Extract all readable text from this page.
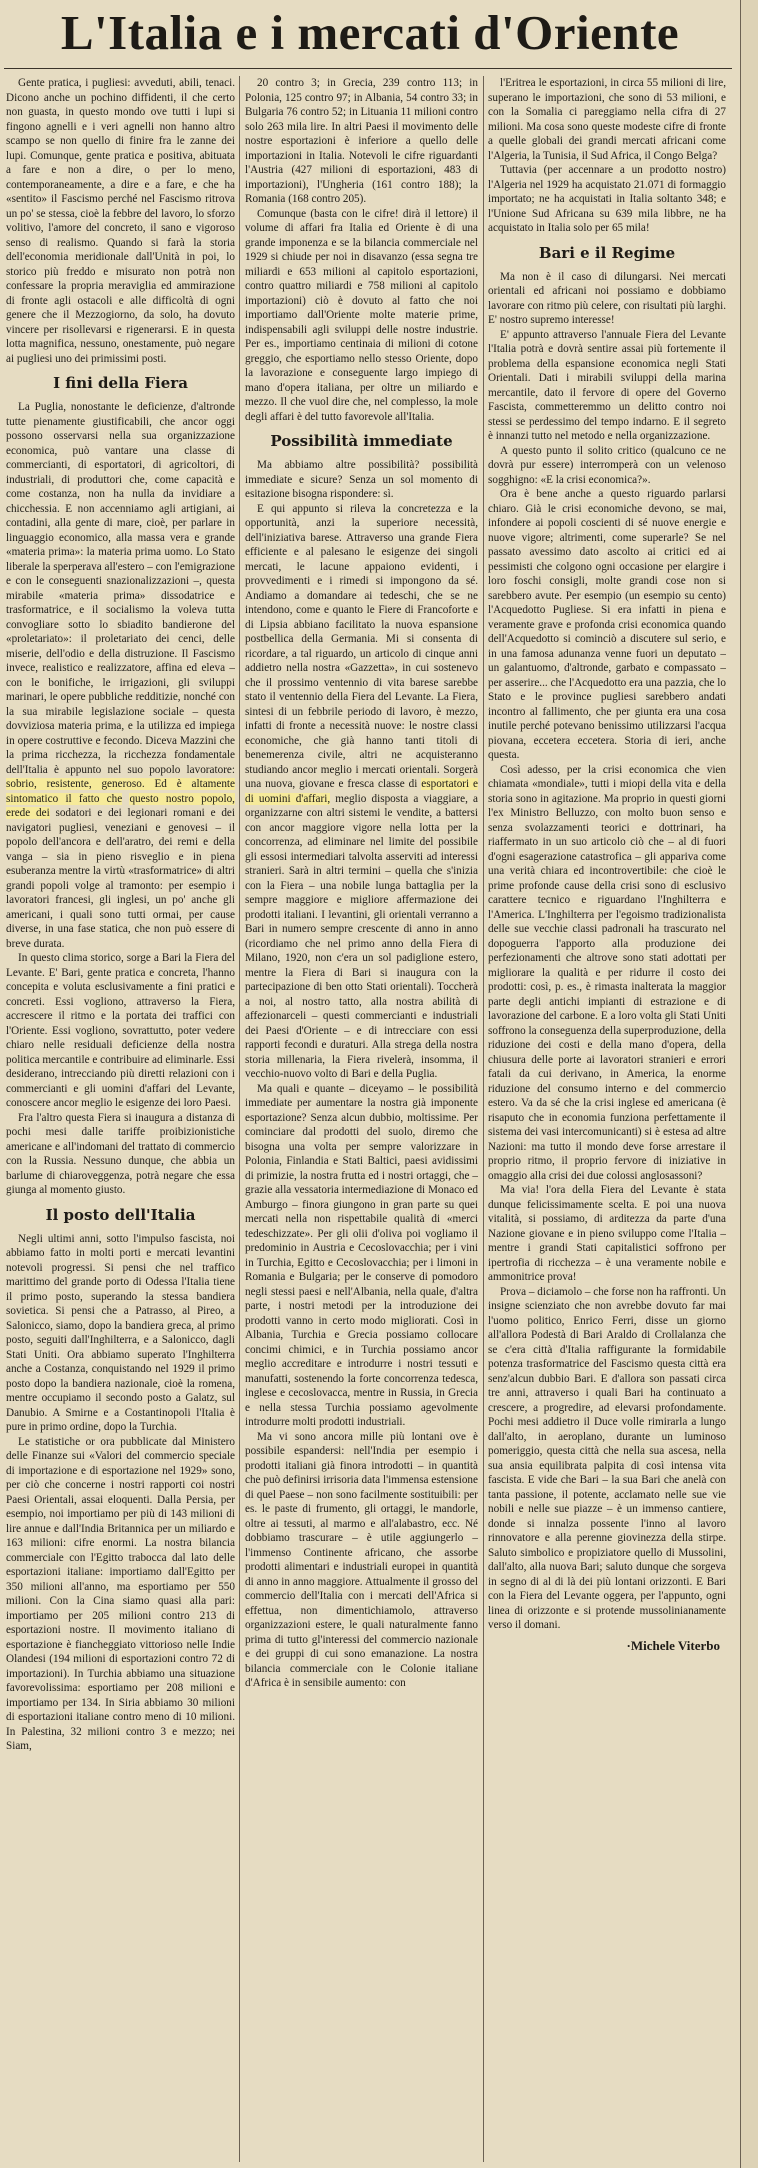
L'Italia e i mercati d'Oriente

Gente pratica, i pugliesi: avveduti, abili, tenaci. Dicono anche un pochino diffidenti, il che certo non guasta, in questo mondo ove tutti i lupi si fingono agnelli e i veri agnelli non hanno altro scampo se non quello di finire fra le zanne dei lupi. Comunque, gente pratica e positiva, abituata a fare e non a dire, o per lo meno, contemporaneamente, a dire e a fare, e che ha «sentito» il Fascismo perché nel Fascismo ritrova un po' se stessa, cioè la febbre del lavoro, lo sforzo volitivo, l'amore del concreto, il sano e vigoroso senso di realismo. Quando si farà la storia dell'economia meridionale dall'Unità in poi, lo storico più freddo e misurato non potrà non confessare la propria meraviglia ed ammirazione di fronte agli ostacoli e alle difficoltà di ogni genere che il Mezzogiorno, da solo, ha dovuto vincere per risollevarsi e rigenerarsi. E in questa lotta magnifica, nessuno, onestamente, può negare ai pugliesi uno dei primissimi posti.

I fini della Fiera

La Puglia, nonostante le deficienze, d'altronde tutte pienamente giustificabili, che ancor oggi possono osservarsi nella sua organizzazione economica, può vantare una classe di commercianti, di esportatori, di agricoltori, di industriali, di produttori che, come capacità e come costanza, non ha nulla da invidiare a chicchessia. E non accenniamo agli artigiani, ai contadini, alla gente di mare, cioè, per parlare in linguaggio economico, alla massa vera e grande «materia prima»: la materia prima uomo. Lo Stato liberale la sperperava all'estero – con l'emigrazione e con le conseguenti snazionalizzazioni –, questa mirabile «materia prima» dissodatrice e trasformatrice, e il socialismo la voleva tutta convogliare sotto lo sbiadito bandierone del «proletariato»: il proletariato dei cenci, delle miserie, dell'odio e della distruzione. Il Fascismo invece, realistico e realizzatore, affina ed eleva – con le bonifiche, le irrigazioni, gli sviluppi marinari, le opere pubbliche redditizie, nonché con la sua mirabile legislazione sociale – questa dovviziosa materia prima, e la utilizza ed impiega in opere costruttive e fecondo. Diceva Mazzini che la prima ricchezza, la ricchezza fondamentale dell'Italia è appunto nel suo popolo lavoratore: sobrio, resistente, generoso. Ed è altamente sintomatico il fatto che questo nostro popolo, erede dei sodatori e dei legionari romani e dei navigatori pugliesi, veneziani e genovesi – il popolo dell'ancora e dell'aratro, dei remi e della vanga – sia in pieno risveglio e in piena esuberanza mentre la virtù «trasformatrice» di altri grandi popoli volge al tramonto: per esempio i lavoratori francesi, gli inglesi, un po' anche gli americani, i quali sono tutti ormai, per cause diverse, in una fase statica, che non può essere di breve durata.

In questo clima storico, sorge a Bari la Fiera del Levante. E' Bari, gente pratica e concreta, l'hanno concepita e voluta esclusivamente a fini pratici e concreti. Essi vogliono, attraverso la Fiera, accrescere il ritmo e la portata dei traffici con l'Oriente. Essi vogliono, sovrattutto, poter vedere chiaro nelle residuali deficienze della nostra politica mercantile e contribuire ad eliminarle. Essi desiderano, intrecciando più diretti relazioni con i commercianti e gli uomini d'affari del Levante, conoscere ancor meglio le esigenze dei loro Paesi.

Fra l'altro questa Fiera si inaugura a distanza di pochi mesi dalle tariffe proibizionistiche americane e all'indomani del trattato di commercio con la Russia. Nessuno dunque, che abbia un barlume di chiaroveggenza, potrà negare che essa giunga al momento giusto.

Il posto dell'Italia

Negli ultimi anni, sotto l'impulso fascista, noi abbiamo fatto in molti porti e mercati levantini notevoli progressi. Si pensi che nel traffico marittimo del grande porto di Odessa l'Italia tiene il primo posto, superando la stessa bandiera sovietica. Si pensi che a Patrasso, al Pireo, a Salonicco, siamo, dopo la bandiera greca, al primo posto, seguiti dall'Inghilterra, e a Salonicco, dagli Stati Uniti. Ora abbiamo superato l'Inghilterra anche a Costanza, conquistando nel 1929 il primo posto dopo la bandiera nazionale, cioè la romena, mentre occupiamo il secondo posto a Galatz, sul Danubio. A Smirne e a Costantinopoli l'Italia è pure in primo ordine, dopo la Turchia.

Le statistiche or ora pubblicate dal Ministero delle Finanze sui «Valori del commercio speciale di importazione e di esportazione nel 1929» sono, per ciò che concerne i nostri rapporti coi nostri Paesi Orientali, assai eloquenti. Dalla Persia, per esempio, noi importiamo per più di 143 milioni di lire annue e dall'India Britannica per un miliardo e 163 milioni: cifre enormi. La nostra bilancia commerciale con l'Egitto trabocca dal lato delle esportazioni italiane: importiamo dall'Egitto per 350 milioni all'anno, ma esportiamo per 550 milioni. Con la Cina siamo quasi alla pari: importiamo per 205 milioni contro 213 di esportazioni nostre. Il movimento italiano di esportazione è fiancheggiato vittorioso nelle Indie Olandesi (194 milioni di esportazioni contro 72 di importazioni). In Turchia abbiamo una situazione favorevolissima: esportiamo per 208 milioni e importiamo per 134. In Siria abbiamo 30 milioni di esportazioni italiane contro meno di 10 milioni. In Palestina, 32 milioni contro 3 e mezzo; nei Siam,

20 contro 3; in Grecia, 239 contro 113; in Polonia, 125 contro 97; in Albania, 54 contro 33; in Bulgaria 76 contro 52; in Lituania 11 milioni contro solo 263 mila lire. In altri Paesi il movimento delle nostre esportazioni è inferiore a quello delle importazioni in Italia. Notevoli le cifre riguardanti l'Austria (427 milioni di esportazioni, 483 di importazioni), l'Ungheria (161 contro 188); la Romania (168 contro 205).

Comunque (basta con le cifre! dirà il lettore) il volume di affari fra Italia ed Oriente è di una grande imponenza e se la bilancia commerciale nel 1929 si chiude per noi in disavanzo (essa segna tre miliardi e 653 milioni al capitolo esportazioni, contro quattro miliardi e 758 milioni al capitolo importazioni) ciò è dovuto al fatto che noi importiamo dall'Oriente molte materie prime, indispensabili agli sviluppi delle nostre industrie. Per es., importiamo centinaia di milioni di cotone greggio, che esportiamo nello stesso Oriente, dopo la lavorazione e conseguente largo impiego di mano d'opera italiana, per oltre un miliardo e mezzo. Il che vuol dire che, nel complesso, la mole degli affari è del tutto favorevole all'Italia.

Possibilità immediate

Ma abbiamo altre possibilità? possibilità immediate e sicure? Senza un sol momento di esitazione bisogna rispondere: sì.

E qui appunto si rileva la concretezza e la opportunità, anzi la superiore necessità, dell'iniziativa barese. Attraverso una grande Fiera efficiente e al palesano le esigenze dei singoli mercati, le lacune appaiono evidenti, i provvedimenti e i rimedi si impongono da sé. Andiamo a domandare ai tedeschi, che se ne intendono, come e quanto le Fiere di Francoforte e di Lipsia abbiano facilitato la nuova espansione postbellica della Germania. Mi si consenta di ricordare, a tal riguardo, un articolo di cinque anni addietro nella nostra «Gazzetta», in cui sostenevo che il prossimo ventennio di vita barese sarebbe stato il ventennio della Fiera del Levante. La Fiera, sintesi di un febbrile periodo di lavoro, è mezzo, infatti di fronte a necessità nuove: le nostre classi economiche, che già hanno tanti titoli di benemerenza civile, altri ne acquisteranno studiando ancor meglio i mercati orientali. Sorgerà una nuova, giovane e fresca classe di esportatori e di uomini d'affari, meglio disposta a viaggiare, a organizzarne con altri sistemi le vendite, a battersi con ancor maggiore vigore nella lotta per la concorrenza, ad eliminare nel limite del possibile gli essosi intermediari talvolta asserviti ad interessi stranieri. Sarà in altri termini – quella che s'inizia con la Fiera – una nobile lunga battaglia per la sempre maggiore e migliore affermazione dei prodotti italiani. I levantini, gli orientali verranno a Bari in numero sempre crescente di anno in anno (ricordiamo che nel primo anno della Fiera di Milano, 1920, non c'era un sol padiglione estero, mentre la Fiera di Bari si inaugura con la partecipazione di ben otto Stati orientali). Toccherà a noi, al nostro tatto, alla nostra abilità di affezionarceli – questi commercianti e industriali dei Paesi d'Oriente – e di intrecciare con essi rapporti fecondi e duraturi. Alla strega della nostra storia millenaria, la Fiera rivelerà, insomma, il vecchio-nuovo volto di Bari e della Puglia.

Ma quali e quante – diceyamo – le possibilità immediate per aumentare la nostra già imponente esportazione? Senza alcun dubbio, moltissime. Per cominciare dal prodotti del suolo, diremo che bisogna una volta per sempre valorizzare in Polonia, Finlandia e Stati Baltici, paesi avidissimi di primizie, la nostra frutta ed i nostri ortaggi, che – grazie alla vessatoria intermediazione di Monaco ed Amburgo – finora giungono in gran parte su quei mercati nella non rispettabile qualità di «merci tedeschizzate». Per gli olii d'oliva poi vogliamo il predominio in Austria e Cecoslovacchia; per i vini in Turchia, Egitto e Cecoslovacchia; per i limoni in Romania e Bulgaria; per le conserve di pomodoro negli stessi paesi e nell'Albania, nella quale, d'altra parte, i nostri metodi per la introduzione dei prodotti vanno in certo modo migliorati. Così in Albania, Turchia e Grecia possiamo collocare concimi chimici, e in Turchia possiamo ancor meglio accreditare e introdurre i nostri tessuti e manufatti, sostenendo la forte concorrenza tedesca, inglese e cecoslovacca, mentre in Russia, in Grecia e nella stessa Turchia possiamo agevolmente introdurre molti prodotti industriali.

Ma vi sono ancora mille più lontani ove è possibile espandersi: nell'India per esempio i prodotti italiani già finora introdotti – in quantità che può definirsi irrisoria data l'immensa estensione di quel Paese – non sono facilmente sostituibili: per es. le paste di frumento, gli ortaggi, le mandorle, oltre ai tessuti, al marmo e all'alabastro, ecc. Né dobbiamo trascurare – è utile aggiungerlo – l'immenso Continente africano, che assorbe prodotti alimentari e industriali europei in quantità di anno in anno maggiore. Attualmente il grosso del commercio dell'Italia con i mercati dell'Africa si effettua, non dimentichiamolo, attraverso organizzazioni estere, le quali naturalmente fanno prima di tutto gl'interessi del commercio nazionale e dei gruppi di cui sono emanazione. La nostra bilancia commerciale con le Colonie italiane d'Africa è in sensibile aumento: con

l'Eritrea le esportazioni, in circa 55 milioni di lire, superano le importazioni, che sono di 53 milioni, e con la Somalia ci pareggiamo nella cifra di 27 milioni. Ma cosa sono queste modeste cifre di fronte a quelle globali dei grandi mercati africani come l'Algeria, la Tunisia, il Sud Africa, il Congo Belga?

Tuttavia (per accennare a un prodotto nostro) l'Algeria nel 1929 ha acquistato 21.071 di formaggio importato; ne ha acquistati in Italia soltanto 348; e l'Unione Sud Africana su 639 mila libbre, ne ha acquistato in Italia solo per 65 mila!

Bari e il Regime

Ma non è il caso di dilungarsi. Nei mercati orientali ed africani noi possiamo e dobbiamo lavorare con ritmo più celere, con risultati più larghi. E' nostro supremo interesse!

E' appunto attraverso l'annuale Fiera del Levante l'Italia potrà e dovrà sentire assai più fortemente il problema della espansione economica negli Stati Orientali. Dati i mirabili sviluppi della marina mercantile, dato il fervore di opere del Governo Fascista, commetteremmo un delitto contro noi stessi se perdessimo del tempo indarno. E il segreto è innanzi tutto nel metodo e nella organizzazione.

A questo punto il solito critico (qualcuno ce ne dovrà pur essere) interromperà con un velenoso sogghigno: «E la crisi economica?».

Ora è bene anche a questo riguardo parlarsi chiaro. Già le crisi economiche devono, se mai, infondere ai popoli coscienti di sé nuove energie e nuove vigore; altrimenti, come superarle? Se nel passato avessimo dato ascolto ai critici ed ai pessimisti che colgono ogni occasione per elargire i loro foschi consigli, molte grandi cose non si sarebbero avute. Per esempio (un esempio su cento) l'Acquedotto Pugliese. Si era infatti in piena e veramente grave e profonda crisi economica quando dell'Acquedotto si cominciò a discutere sul serio, e in una famosa adunanza venne fuori un deputato – un galantuomo, d'altronde, garbato e compassato – per asserire... che l'Acquedotto era una pazzia, che lo Stato e le province pugliesi sarebbero andati incontro al fallimento, che per giunta era una cosa inutile perché potevano benissimo utilizzarsi l'acqua piovana, eccetera eccetera. Storia di ieri, anche questa.

Così adesso, per la crisi economica che vien chiamata «mondiale», tutti i miopi della vita e della storia sono in agitazione. Ma proprio in questi giorni l'ex Ministro Belluzzo, con molto buon senso e senza svolazzamenti teorici e dottrinari, ha riaffermato in un suo articolo ciò che – al di fuori d'ogni esagerazione catastrofica – gli appariva come una verità chiara ed incontrovertibile: che cioè le prime profonde cause della crisi sono di esclusivo carattere tecnico e riguardano l'Inghilterra e l'America. L'Inghilterra per l'egoismo tradizionalista delle sue vecchie classi padronali ha trascurato nel dopoguerra l'apporto alla produzione dei perfezionamenti che altrove sono stati adottati per migliorare la qualità e per ridurre il costo dei prodotti: così, p. es., è rimasta inalterata la maggior parte degli antichi impianti di estrazione e di lavorazione del carbone. E a loro volta gli Stati Uniti soffrono la conseguenza della superproduzione, della riduzione dei costi e della mano d'opera, della chiusura delle porte ai lavoratori stranieri e errori fatali da cui derivano, in America, la enorme riduzione del consumo interno e del commercio estero. Va da sé che la crisi inglese ed americana (è risaputo che in economia funziona perfettamente il sistema dei vasi intercomunicanti) si è estesa ad altre Nazioni: ma tutto il mondo deve forse arrestare il proprio ritmo, il proprio fervore di iniziative in omaggio alla crisi dei due colossi anglosassoni?

Ma via! l'ora della Fiera del Levante è stata dunque felicissimamente scelta. E poi una nuova vitalità, si possiamo, di arditezza da parte d'una Nazione giovane e in pieno sviluppo come l'Italia – mentre i grandi Stati capitalistici soffrono per ipertrofia di ricchezza – è una veramente nobile e ammonitrice prova!

Prova – diciamolo – che forse non ha raffronti. Un insigne scienziato che non avrebbe dovuto far mai l'uomo politico, Enrico Ferri, disse un giorno all'allora Podestà di Bari Araldo di Crollalanza che se c'era città d'Italia raffigurante la formidabile potenza trasformatrice del Fascismo questa città era senz'alcun dubbio Bari. E d'allora son passati circa tre anni, attraverso i quali Bari ha continuato a crescere, a progredire, ad elevarsi profondamente. Pochi mesi addietro il Duce volle rimirarla a lungo dall'alto, in aeroplano, durante un luminoso pomeriggio, questa città che nella sua ascesa, nella sua ansia equilibrata palpita di così intensa vita fascista. E vide che Bari – la sua Bari che anelà con tanta passione, il potente, acclamato nelle sue vie nobili e nelle sue piazze – è un immenso cantiere, donde si innalza possente l'inno al lavoro rinnovatore e alla perenne giovinezza della stirpe. Saluto simbolico e propiziatore quello di Mussolini, dall'alto, alla nuova Bari; saluto dunque che sorgeva in segno di al di là dei più lontani orizzonti. E Bari con la Fiera del Levante oggera, per l'appunto, ogni linea di orizzonte e si protende mussolinianamente verso il domani.

·Michele Viterbo
